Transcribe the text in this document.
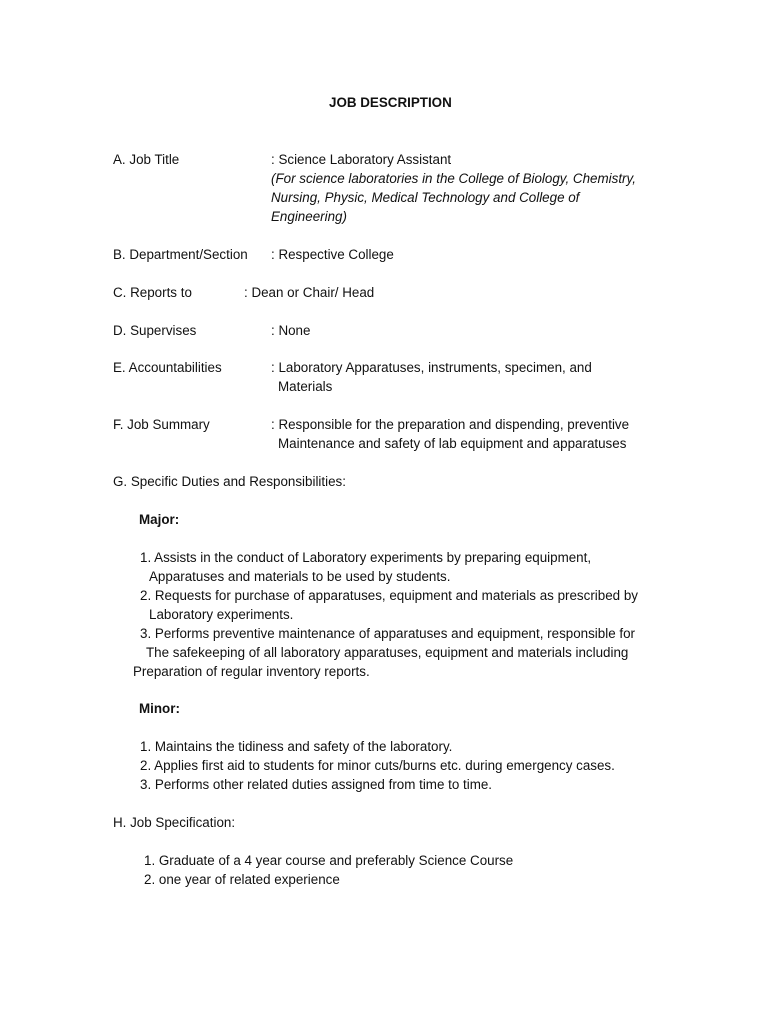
JOB DESCRIPTION
A. Job Title	: Science Laboratory Assistant
(For science laboratories in the College of Biology, Chemistry,
Nursing, Physic, Medical Technology and College of
Engineering)
B. Department/Section : Respective College
C. Reports to	: Dean or Chair/ Head
D. Supervises	: None
E. Accountabilities	: Laboratory Apparatuses, instruments, specimen, and
Materials
F. Job Summary	: Responsible for the preparation and dispending, preventive
Maintenance and safety of lab equipment and apparatuses
G. Specific Duties and Responsibilities:
Major:
1. Assists in the conduct of Laboratory experiments by preparing equipment,
Apparatuses and materials to be used by students.
2. Requests for purchase of apparatuses, equipment and materials as prescribed by
Laboratory experiments.
3. Performs preventive maintenance of apparatuses and equipment, responsible for
The safekeeping of all laboratory apparatuses, equipment and materials including
Preparation of regular inventory reports.
Minor:
1. Maintains the tidiness and safety of the laboratory.
2. Applies first aid to students for minor cuts/burns etc. during emergency cases.
3. Performs other related duties assigned from time to time.
H. Job Specification:
1. Graduate of a 4 year course and preferably Science Course
2. one year of related experience
